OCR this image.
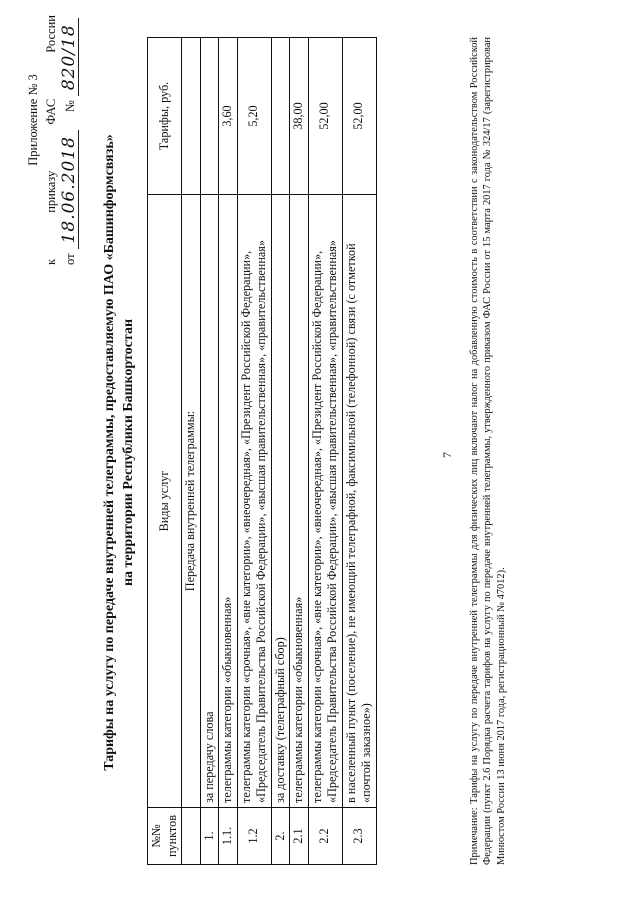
Приложение № 3
к
приказу
ФАС
России
от
18.06.2018
№
820/18
Тарифы на услугу по передаче внутренней телеграммы, предоставляемую ПАО «Башинформсвязь» на территории Республики Башкортостан
№№ пунктов	Виды услуг	Тарифы, руб.
	Передача внутренней телеграммы:	
1.	за передачу слова	
1.1.	телеграммы категории «обыкновенная»	3,60
1.2	телеграммы категории «срочная», «вне категории», «внеочередная», «Президент Российской Федерации», «Председатель Правительства Российской Федерации», «высшая правительственная», «правительственная»	5,20
2.	за доставку (телеграфный сбор)	
2.1	телеграммы категории «обыкновенная»	38,00
2.2	телеграммы категории «срочная», «вне категории», «внеочередная», «Президент Российской Федерации», «Председатель Правительства Российской Федерации», «высшая правительственная», «правительственная»	52,00
2.3	в населенный пункт (поселение), не имеющий телеграфной, факсимильной (телефонной) связи (с отметкой «почтой заказное»)	52,00
7 Примечание: Тарифы на услугу по передаче внутренней телеграммы для физических лиц включают налог на добавленную стоимость в соответствии с законодательством Российской Федерации (пункт 2.6 Порядка расчета тарифов на услугу по передаче внутренней телеграммы, утвержденного приказом ФАС России от 15 марта 2017 года № 324/17 (зарегистрирован Минюстом России 13 июня 2017 года, регистрационный № 47012).
